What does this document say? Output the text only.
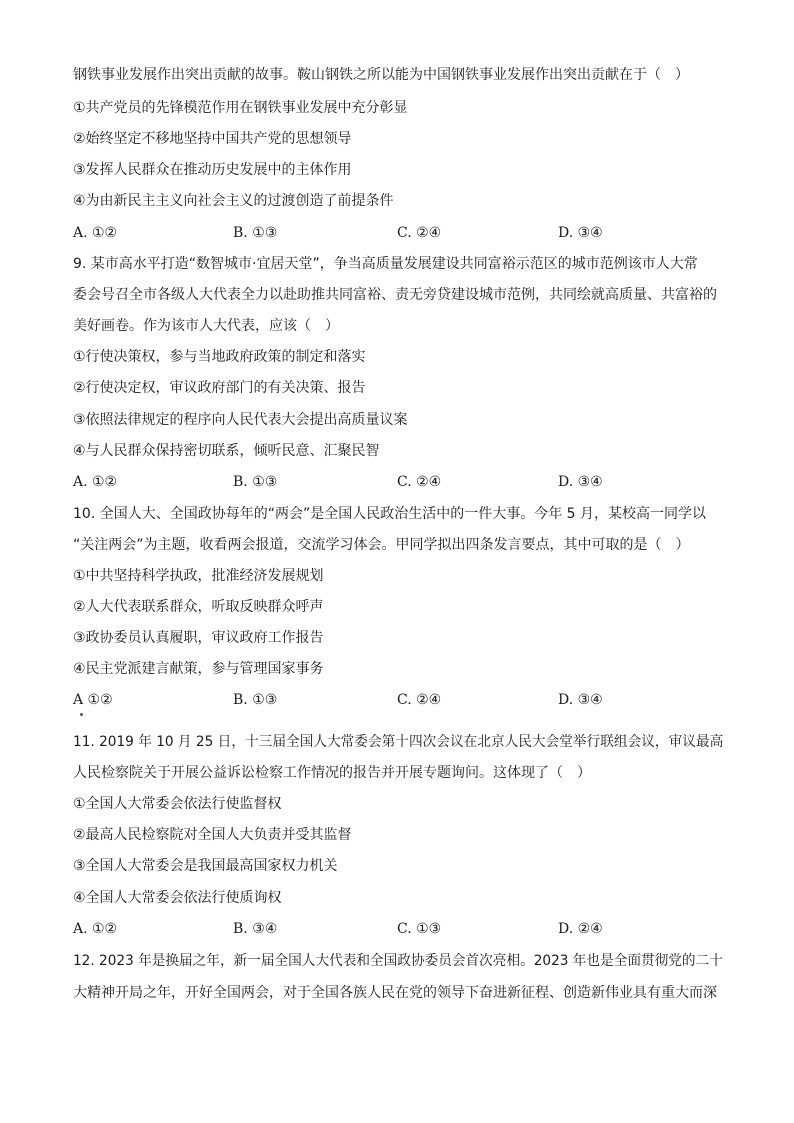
钢铁事业发展作出突出贡献的故事。鞍山钢铁之所以能为中国钢铁事业发展作出突出贡献在于（　）
①共产党员的先锋模范作用在钢铁事业发展中充分彰显
②始终坚定不移地坚持中国共产党的思想领导
③发挥人民群众在推动历史发展中的主体作用
④为由新民主主义向社会主义的过渡创造了前提条件
A. ①②	B. ①③	C. ②④	D. ③④
9. 某市高水平打造“数智城市·宜居天堂”，争当高质量发展建设共同富裕示范区的城市范例该市人大常
委会号召全市各级人大代表全力以赴助推共同富裕、责无旁贷建设城市范例，共同绘就高质量、共富裕的
美好画卷。作为该市人大代表，应该（　）
①行使决策权，参与当地政府政策的制定和落实
②行使决定权，审议政府部门的有关决策、报告
③依照法律规定的程序向人民代表大会提出高质量议案
④与人民群众保持密切联系，倾听民意、汇聚民智
A. ①②	B. ①③	C. ②④	D. ③④
10. 全国人大、全国政协每年的“两会”是全国人民政治生活中的一件大事。今年 5 月，某校高一同学以
“关注两会”为主题，收看两会报道，交流学习体会。甲同学拟出四条发言要点，其中可取的是（　）
①中共坚持科学执政，批准经济发展规划
②人大代表联系群众，听取反映群众呼声
③政协委员认真履职，审议政府工作报告
④民主党派建言献策，参与管理国家事务
A ①②	B. ①③	C. ②④	D. ③④
11. 2019 年 10 月 25 日，十三届全国人大常委会第十四次会议在北京人民大会堂举行联组会议，审议最高
人民检察院关于开展公益诉讼检察工作情况的报告并开展专题询问。这体现了（　）
①全国人大常委会依法行使监督权
②最高人民检察院对全国人大负责并受其监督
③全国人大常委会是我国最高国家权力机关
④全国人大常委会依法行使质询权
A. ①②	B. ③④	C. ①③	D. ②④
12. 2023 年是换届之年，新一届全国人大代表和全国政协委员会首次亮相。2023 年也是全面贯彻党的二十
大精神开局之年，开好全国两会，对于全国各族人民在党的领导下奋进新征程、创造新伟业具有重大而深
